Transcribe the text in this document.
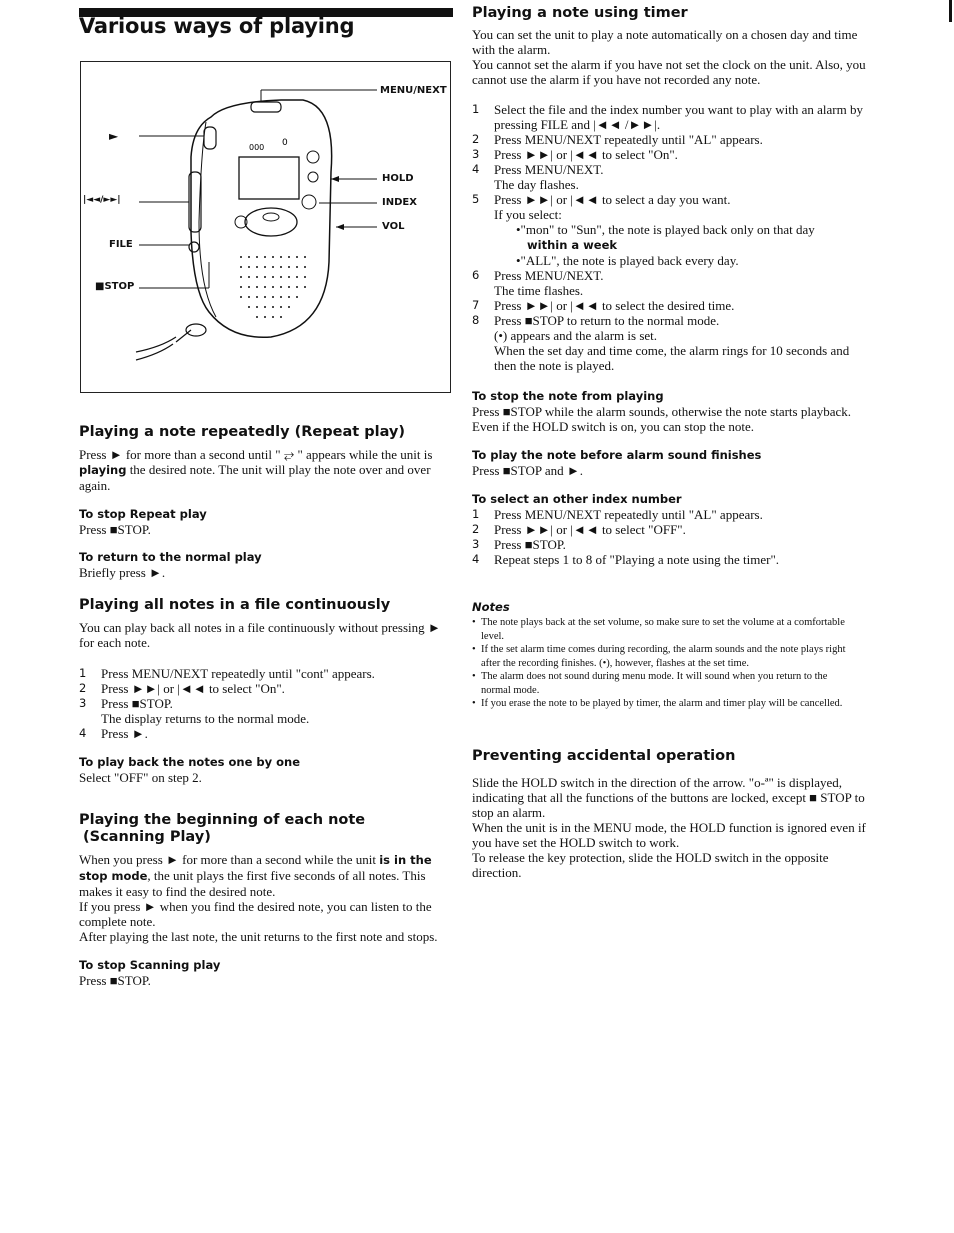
Various ways of playing
000 0
MENU/NEXT
HOLD
INDEX
VOL
►
|◄◄/►►|
FILE
■STOP
Playing a note repeatedly (Repeat play)

Press ► for more than a second until " ⥂ " appears while the unit is playing the desired note. The unit will play the note over and over again.

To stop Repeat play

Press ■STOP.

To return to the normal play

Briefly press ►.

Playing all notes in a file continuously

You can play back all notes in a file continuously without pressing ► for each note.

1 Press MENU/NEXT repeatedly until "cont" appears.
2 Press ►►| or |◄◄ to select "On".
3 Press ■STOP.

The display returns to the normal mode.

4 Press ►.
To play back the notes one by one

Select "OFF" on step 2.

Playing the beginning of each note
(Scanning Play)

When you press ► for more than a second while the unit is in the stop mode, the unit plays the first five seconds of all notes. This makes it easy to find the desired note.

If you press ► when you find the desired note, you can listen to the complete note.

After playing the last note, the unit returns to the first note and stops.

To stop Scanning play

Press ■STOP.

Playing a note using timer

You can set the unit to play a note automatically on a chosen day and time with the alarm.

You cannot set the alarm if you have not set the clock on the unit. Also, you cannot use the alarm if you have not recorded any note.

1 Select the file and the index number you want to play with an alarm by pressing FILE and |◄◄ /►►|.
2 Press MENU/NEXT repeatedly until "AL" appears.
3 Press ►►| or |◄◄ to select "On".
4 Press MENU/NEXT.

The day flashes.

5 Press ►►| or |◄◄ to select a day you want.

If you select:

•"mon" to "Sun", the note is played back only on that day

within a week

•"ALL", the note is played back every day.

6 Press MENU/NEXT.

The time flashes.

7 Press ►►| or |◄◄ to select the desired time.
8 Press ■STOP to return to the normal mode.

(•) appears and the alarm is set.

When the set day and time come, the alarm rings for 10 seconds and then the note is played.

To stop the note from playing

Press ■STOP while the alarm sounds, otherwise the note starts playback.

Even if the HOLD switch is on, you can stop the note.

To play the note before alarm sound finishes

Press ■STOP and ►.

To select an other index number
1 Press MENU/NEXT repeatedly until "AL" appears.
2 Press ►►| or |◄◄ to select "OFF".
3 Press ■STOP.
4 Repeat steps 1 to 8 of "Playing a note using the timer".
Notes
• The note plays back at the set volume, so make sure to set the volume at a comfortable level.
• If the set alarm time comes during recording, the alarm sounds and the note plays right after the recording finishes. (•), however, flashes at the set time.
• The alarm does not sound during menu mode. It will sound when you return to the normal mode.
• If you erase the note to be played by timer, the alarm and timer play will be cancelled.
Preventing accidental operation

Slide the HOLD switch in the direction of the arrow. "o-ª" is displayed, indicating that all the functions of the buttons are locked, except ■ STOP to stop an alarm.

When the unit is in the MENU mode, the HOLD function is ignored even if you have set the HOLD switch to work.

To release the key protection, slide the HOLD switch in the opposite direction.
